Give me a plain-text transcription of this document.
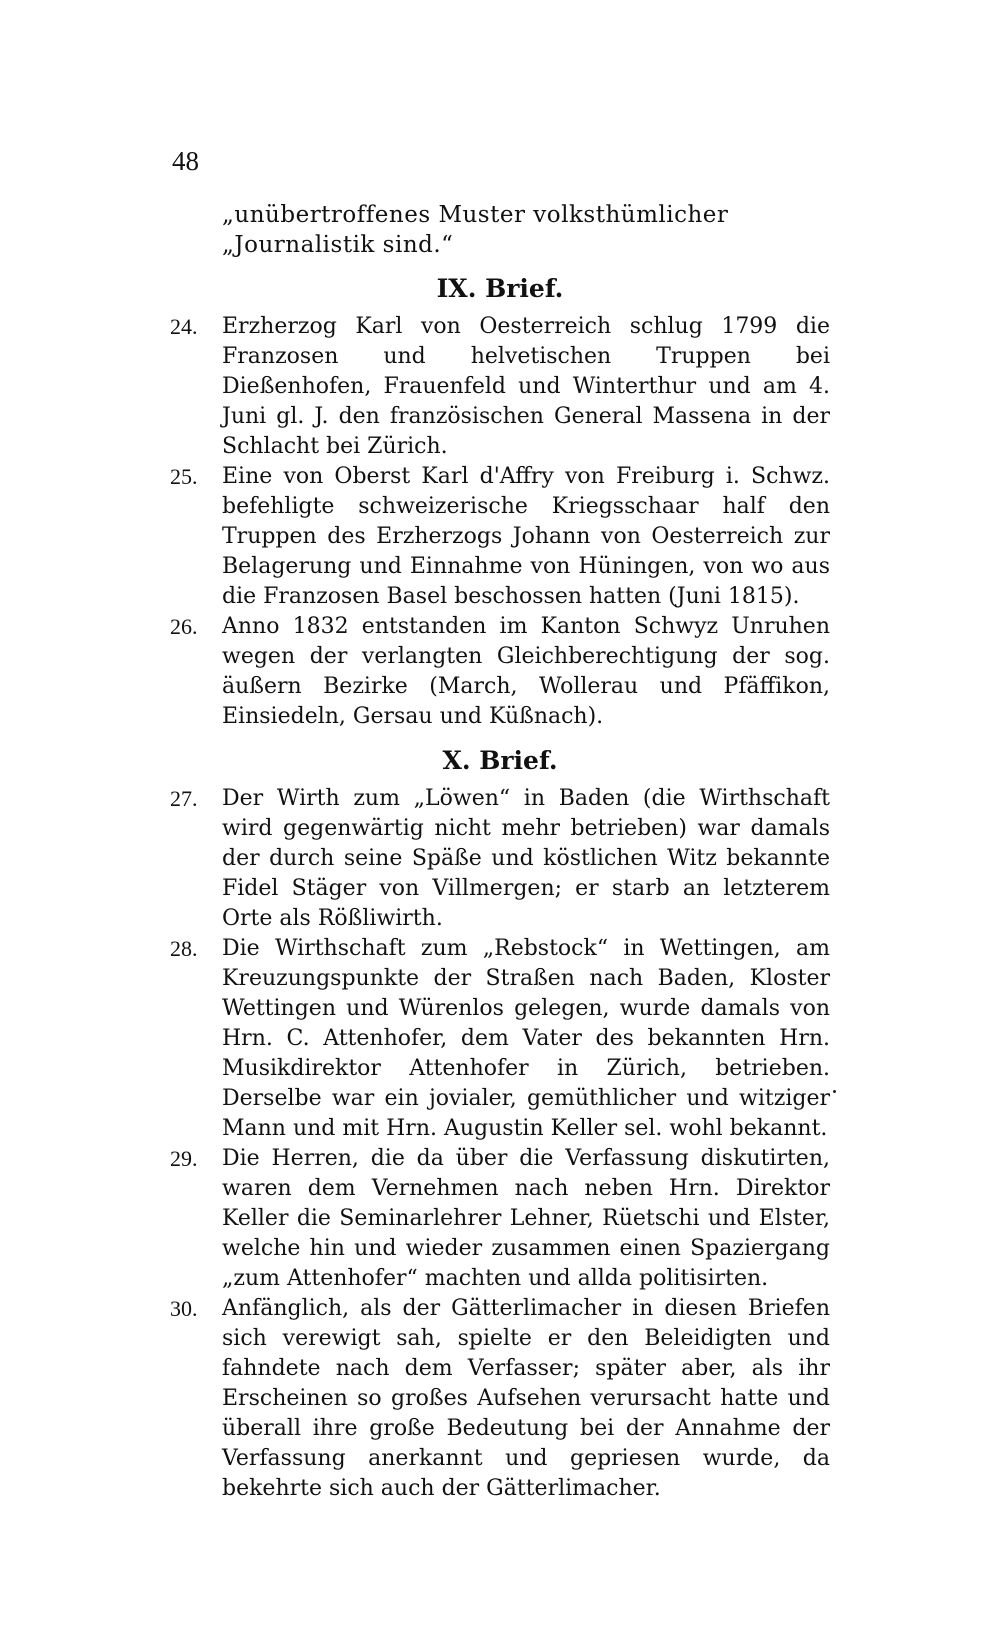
48
„unübertroffenes Muster volksthümlicher
„Journalistik sind.“
IX. Brief.
24.	Erzherzog Karl von Oesterreich schlug 1799 die Franzosen und helvetischen Truppen bei Dießenhofen, Frauenfeld und Winterthur und am 4. Juni gl. J. den französischen General Massena in der Schlacht bei Zürich.
25.	Eine von Oberst Karl d'Affry von Freiburg i. Schwz. befehligte schweizerische Kriegsschaar half den Truppen des Erzherzogs Johann von Oesterreich zur Belagerung und Einnahme von Hüningen, von wo aus die Franzosen Basel beschossen hatten (Juni 1815).
26.	Anno 1832 entstanden im Kanton Schwyz Unruhen wegen der verlangten Gleichberechtigung der sog. äußern Bezirke (March, Wollerau und Pfäffikon, Einsiedeln, Gersau und Küßnach).
X. Brief.
27.	Der Wirth zum „Löwen“ in Baden (die Wirthschaft wird gegenwärtig nicht mehr betrieben) war damals der durch seine Späße und köstlichen Witz bekannte Fidel Stäger von Villmergen; er starb an letzterem Orte als Rößliwirth.
28.	Die Wirthschaft zum „Rebstock“ in Wettingen, am Kreuzungspunkte der Straßen nach Baden, Kloster Wettingen und Würenlos gelegen, wurde damals von Hrn. C. Attenhofer, dem Vater des bekannten Hrn. Musikdirektor Attenhofer in Zürich, betrieben. Derselbe war ein jovialer, gemüthlicher und witziger Mann und mit Hrn. Augustin Keller sel. wohl bekannt.
29.	Die Herren, die da über die Verfassung diskutirten, waren dem Vernehmen nach neben Hrn. Direktor Keller die Seminarlehrer Lehner, Rüetschi und Elster, welche hin und wieder zusammen einen Spaziergang „zum Attenhofer“ machten und allda politisirten.
30.	Anfänglich, als der Gätterlimacher in diesen Briefen sich verewigt sah, spielte er den Beleidigten und fahndete nach dem Verfasser; später aber, als ihr Erscheinen so großes Aufsehen verursacht hatte und überall ihre große Bedeutung bei der Annahme der Verfassung anerkannt und gepriesen wurde, da bekehrte sich auch der Gätterlimacher.
